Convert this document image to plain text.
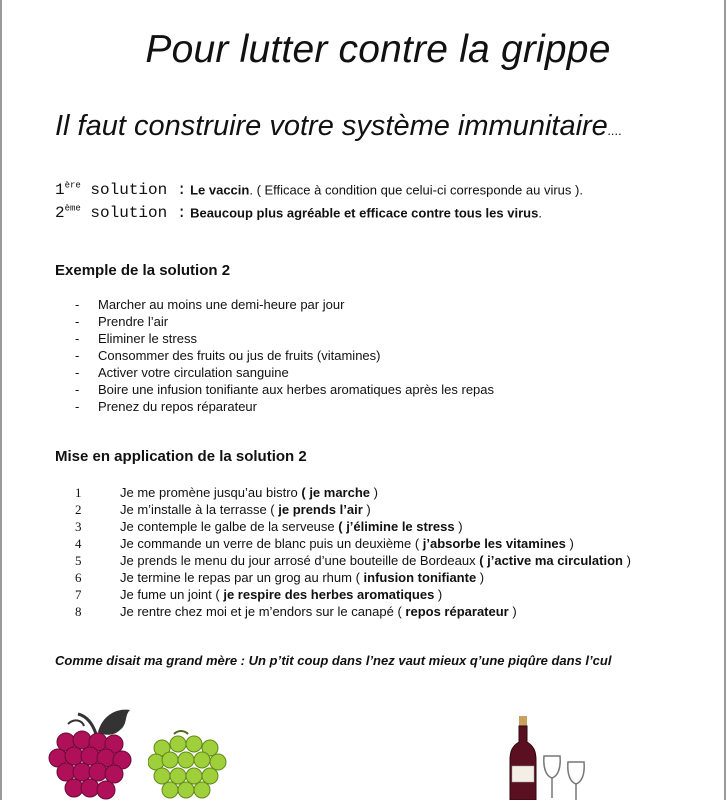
Pour lutter contre la grippe
Il faut construire votre système immunitaire....
1ère solution : Le vaccin. ( Efficace à condition que celui-ci corresponde au virus ).
2ème solution : Beaucoup plus agréable et efficace contre tous les virus.
Exemple de la solution 2
- Marcher au moins une demi-heure par jour
- Prendre l’air
- Eliminer le stress
- Consommer des fruits ou jus de fruits (vitamines)
- Activer votre circulation sanguine
- Boire une infusion tonifiante aux herbes aromatiques après les repas
- Prenez du repos réparateur
Mise en application de la solution 2
1	Je me promène jusqu’au bistro ( je marche )
2	Je m’installe à la terrasse ( je prends l’air )
3	Je contemple le galbe de la serveuse ( j’élimine le stress )
4	Je commande un verre de blanc puis un deuxième ( j’absorbe les vitamines )
5	Je prends le menu du jour arrosé d’une bouteille de Bordeaux ( j’active ma circulation )
6	Je termine le repas par un grog au rhum ( infusion tonifiante )
7	Je fume un joint ( je respire des herbes aromatiques )
8	Je rentre chez moi et je m’endors sur le canapé ( repos réparateur )

Comme disait ma grand mère : Un p’tit coup dans l’nez vaut mieux q’une piqûre dans l’cul
